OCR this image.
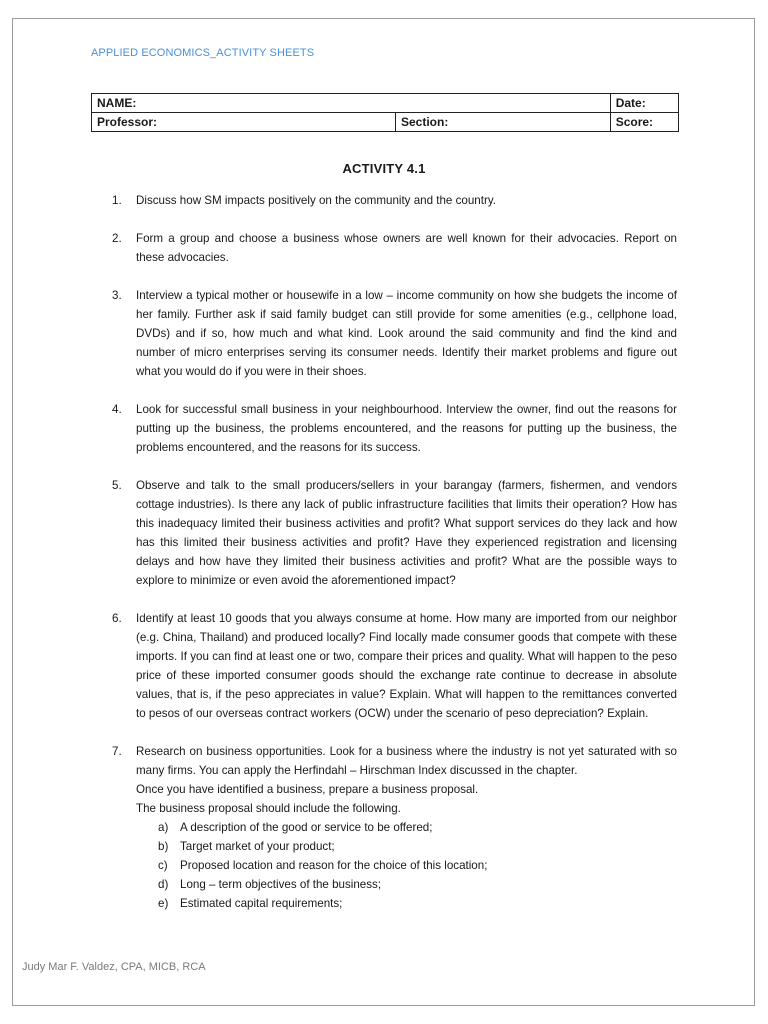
APPLIED ECONOMICS_ACTIVITY SHEETS
NAME:		Date:
Professor:	Section:	Score:
ACTIVITY 4.1
1. Discuss how SM impacts positively on the community and the country.
2. Form a group and choose a business whose owners are well known for their advocacies. Report on these advocacies.
3. Interview a typical mother or housewife in a low – income community on how she budgets the income of her family. Further ask if said family budget can still provide for some amenities (e.g., cellphone load, DVDs) and if so, how much and what kind. Look around the said community and find the kind and number of micro enterprises serving its consumer needs. Identify their market problems and figure out what you would do if you were in their shoes.
4. Look for successful small business in your neighbourhood. Interview the owner, find out the reasons for putting up the business, the problems encountered, and the reasons for putting up the business, the problems encountered, and the reasons for its success.
5. Observe and talk to the small producers/sellers in your barangay (farmers, fishermen, and vendors cottage industries). Is there any lack of public infrastructure facilities that limits their operation? How has this inadequacy limited their business activities and profit? What support services do they lack and how has this limited their business activities and profit? Have they experienced registration and licensing delays and how have they limited their business activities and profit? What are the possible ways to explore to minimize or even avoid the aforementioned impact?
6. Identify at least 10 goods that you always consume at home. How many are imported from our neighbor (e.g. China, Thailand) and produced locally? Find locally made consumer goods that compete with these imports. If you can find at least one or two, compare their prices and quality. What will happen to the peso price of these imported consumer goods should the exchange rate continue to decrease in absolute values, that is, if the peso appreciates in value? Explain. What will happen to the remittances converted to pesos of our overseas contract workers (OCW) under the scenario of peso depreciation? Explain.
7. Research on business opportunities. Look for a business where the industry is not yet saturated with so many firms. You can apply the Herfindahl – Hirschman Index discussed in the chapter.
Once you have identified a business, prepare a business proposal.
The business proposal should include the following.
a) A description of the good or service to be offered;
b) Target market of your product;
c) Proposed location and reason for the choice of this location;
d) Long – term objectives of the business;
e) Estimated capital requirements;
Judy Mar F. Valdez, CPA, MICB, RCA
